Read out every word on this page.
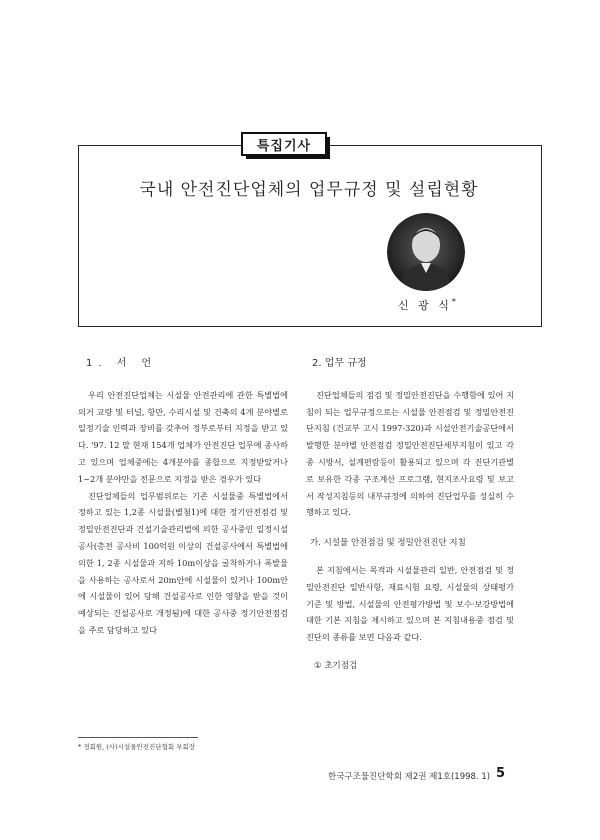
특집기사
국내 안전진단업체의 업무규정 및 설립현황
신 광 식*
1. 서 언

우리 안전진단업체는 시설물 안전관리에 관한 특별법에 의거 교량 및 터널, 항만, 수리시설 및 건축의 4개 분야별로 일정기술 인력과 장비를 갖추어 정부로부터 지정을 받고 있다. '97. 12 말 현재 154개 업체가 안전진단 업무에 종사하고 있으며 업체중에는 4개분야를 종합으로 지정받았거나 1~2개 분야만을 전문으로 지정을 받은 경우가 있다

진단업체들의 업무범위로는 기존 시설물중 특별법에서 정하고 있는 1,2종 시설물(별첨1)에 대한 정기안전점검 및 정밀안전진단과 건설기술관리법에 의한 공사중인 일정시설공사(총전 공사비 100억원 이상의 건설공사에서 특별법에 의한 1, 2종 시설물과 지하 10m이상을 굴착하거나 폭발물을 사용하는 공사로서 20m안에 시설물이 있거나 100m안에 시설물이 있어 당해 건설공사로 인한 영향을 받을 것이 예상되는 건설공사로 개정됨)에 대한 공사중 정기안전점검을 주로 담당하고 있다

2. 업무 규정

진단업체들의 점검 및 정밀안전진단을 수행함에 있어 지침이 되는 업무규정으로는 시설물 안전점검 및 정밀안전진단지침 (건교부 고시 1997-320)과 시설안전기술공단에서 발행한 분야별 안전점검 정밀안전진단세부지침이 있고 각종 시방서, 설계편람등이 활용되고 있으며 각 진단기관별로 보유한 각종 구조계산 프로그램, 현지조사요령 및 보고서 작성지침등의 내부규정에 의하여 진단업무를 성실히 수행하고 있다.

가. 시설물 안전점검 및 정밀안전진단 지침

본 지침에서는 목적과 시설물관리 일반, 안전점검 및 정밀안전진단 일반사항, 재료시험 요령, 시설물의 상태평가 기준 및 방법, 시설물의 안전평가방법 및 보수·보강방법에 대한 기본 지침을 제시하고 있으며 본 지침내용중 점검 및 진단의 종류를 보면 다음과 같다.

① 초기점검
* 정회원, (사)시설물안전진단협회 부회장
한국구조물진단학회 제2권 제1호(1998. 1) 5
